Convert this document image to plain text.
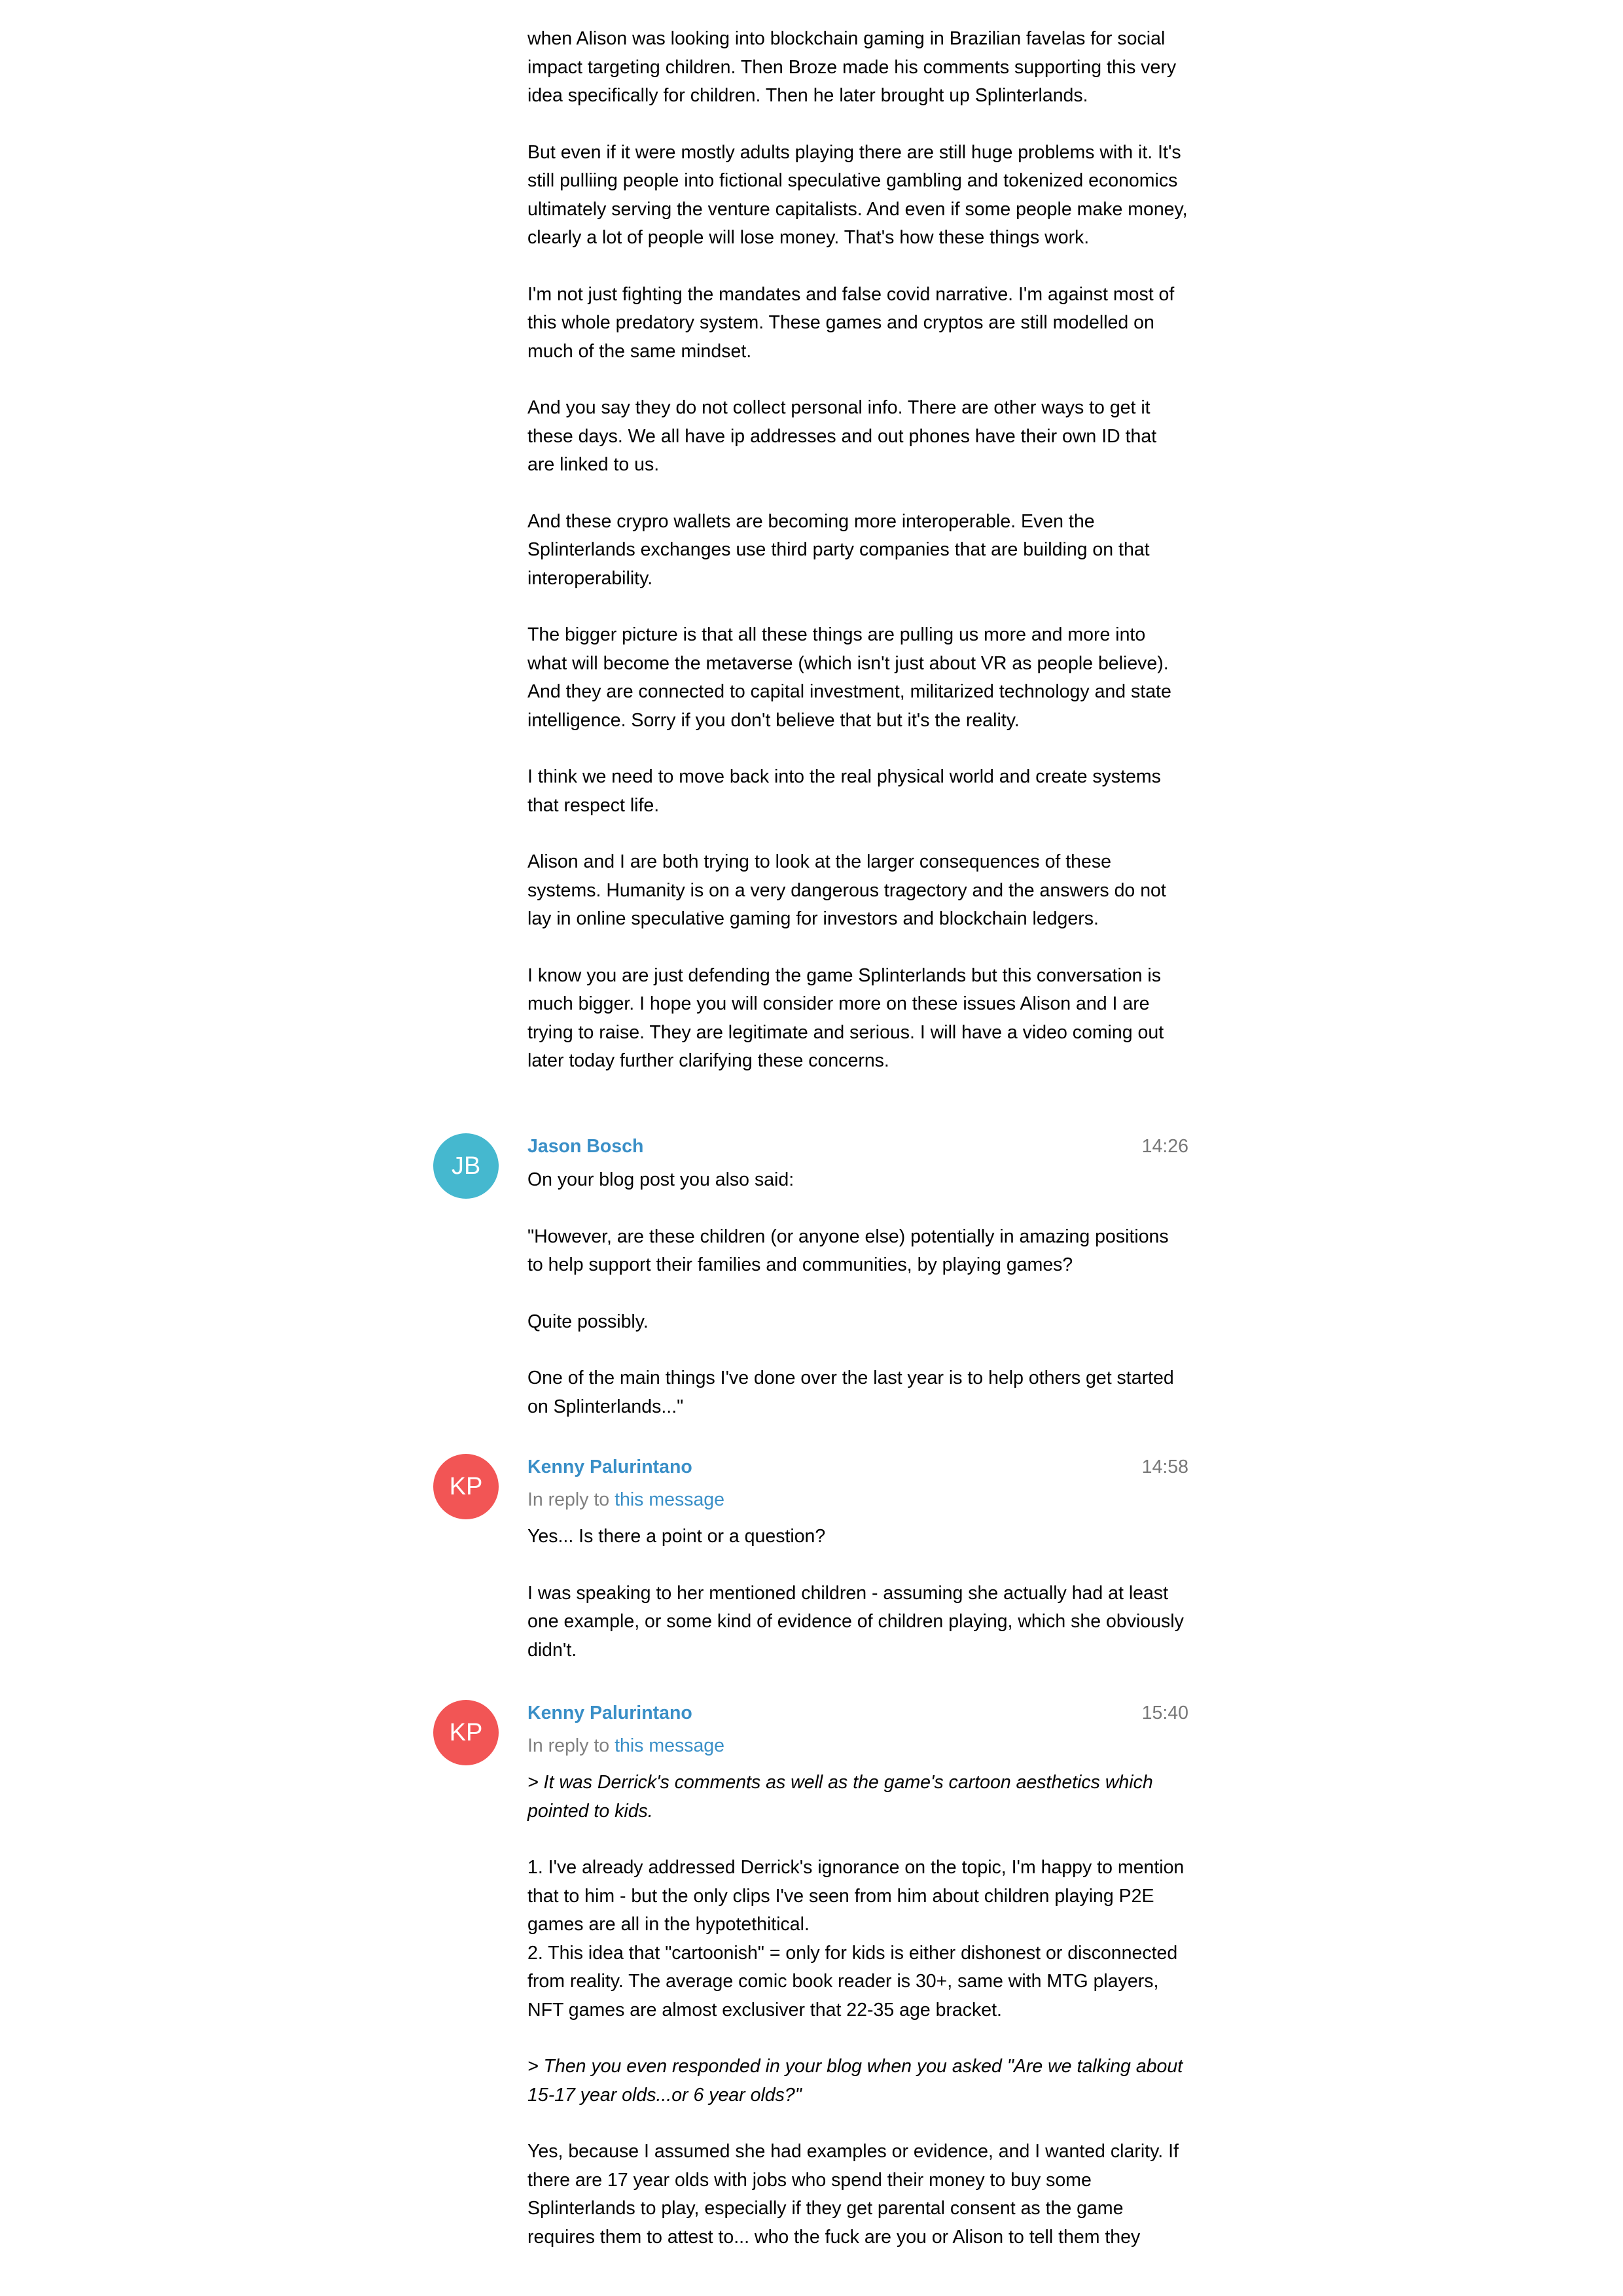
when Alison was looking into blockchain gaming in Brazilian favelas for social impact targeting children. Then Broze made his comments supporting this very idea specifically for children. Then he later brought up Splinterlands.

But even if it were mostly adults playing there are still huge problems with it. It's still pulliing people into fictional speculative gambling and tokenized economics ultimately serving the venture capitalists. And even if some people make money, clearly a lot of people will lose money. That's how these things work.

I'm not just fighting the mandates and false covid narrative. I'm against most of this whole predatory system. These games and cryptos are still modelled on much of the same mindset.

And you say they do not collect personal info. There are other ways to get it these days. We all have ip addresses and out phones have their own ID that are linked to us.

And these crypro wallets are becoming more interoperable. Even the Splinterlands exchanges use third party companies that are building on that interoperability.

The bigger picture is that all these things are pulling us more and more into what will become the metaverse (which isn't just about VR as people believe). And they are connected to capital investment, militarized technology and state intelligence. Sorry if you don't believe that but it's the reality.

I think we need to move back into the real physical world and create systems that respect life.

Alison and I are both trying to look at the larger consequences of these systems. Humanity is on a very dangerous tragectory and the answers do not lay in online speculative gaming for investors and blockchain ledgers.

I know you are just defending the game Splinterlands but this conversation is much bigger. I hope you will consider more on these issues Alison and I are trying to raise. They are legitimate and serious. I will have a video coming out later today further clarifying these concerns.

JB
Jason Bosch	14:26

On your blog post you also said:

"However, are these children (or anyone else) potentially in amazing positions to help support their families and communities, by playing games?

Quite possibly.

One of the main things I've done over the last year is to help others get started on Splinterlands..."

KP
Kenny Palurintano	14:58
In reply to this message

Yes... Is there a point or a question?

I was speaking to her mentioned children - assuming she actually had at least one example, or some kind of evidence of children playing, which she obviously didn't.

KP
Kenny Palurintano	15:40
In reply to this message

> It was Derrick's comments as well as the game's cartoon aesthetics which pointed to kids.

1. I've already addressed Derrick's ignorance on the topic, I'm happy to mention that to him - but the only clips I've seen from him about children playing P2E games are all in the hypotethitical.
2. This idea that "cartoonish" = only for kids is either dishonest or disconnected from reality. The average comic book reader is 30+, same with MTG players, NFT games are almost exclusiver that 22-35 age bracket.

> Then you even responded in your blog when you asked "Are we talking about 15-17 year olds...or 6 year olds?"

Yes, because I assumed she had examples or evidence, and I wanted clarity. If there are 17 year olds with jobs who spend their money to buy some Splinterlands to play, especially if they get parental consent as the game requires them to attest to... who the fuck are you or Alison to tell them they
